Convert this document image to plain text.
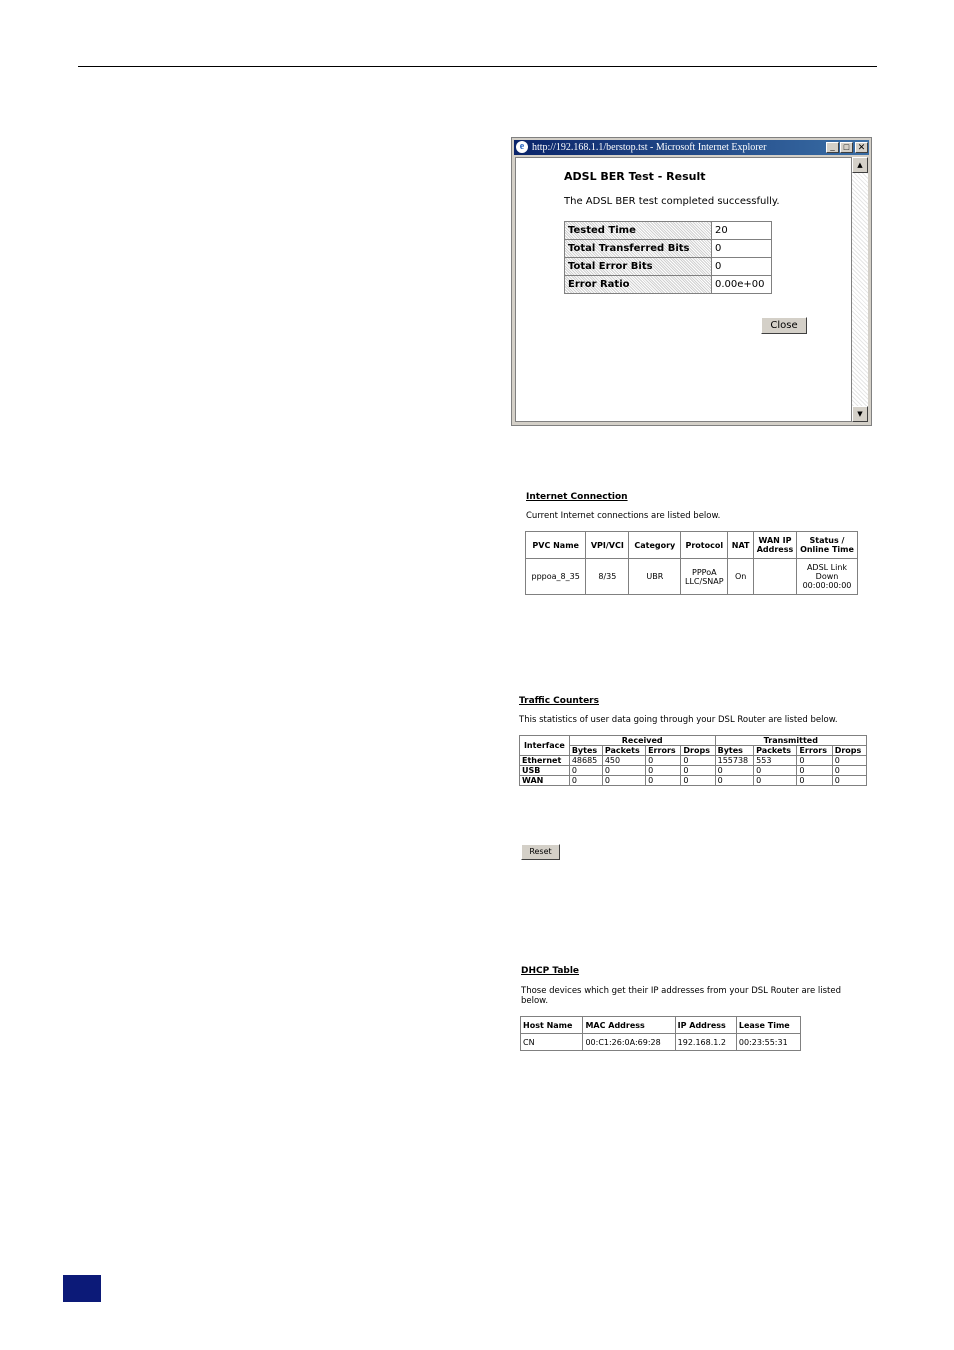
e http://192.168.1.1/berstop.tst - Microsoft Internet Explorer	_	□ ✕
ADSL BER Test - Result
The ADSL BER test completed successfully.
Tested Time	20
Total Transferred Bits	0
Total Error Bits	0
Error Ratio	0.00e+00
Close
▲
▼
Internet Connection
Current Internet connections are listed below.
PVC Name	VPI/VCI	Category	Protocol	NAT	WAN IP Address	Status / Online Time
pppoa_8_35	8/35	UBR	PPPoA LLC/SNAP	On		ADSL Link Down 00:00:00:00
Traffic Counters
This statistics of user data going through your DSL Router are listed below.
Interface	Received				Transmitted			
	Bytes	Packets	Errors	Drops	Bytes	Packets	Errors	Drops
Ethernet	48685	450	0	0	155738	553	0	0
USB	0	0	0	0	0	0	0	0
WAN	0	0	0	0	0	0	0	0
Reset
DHCP Table
Those devices which get their IP addresses from your DSL Router are listed
below.
Host Name	MAC Address	IP Address	Lease Time
CN	00:C1:26:0A:69:28	192.168.1.2	00:23:55:31
